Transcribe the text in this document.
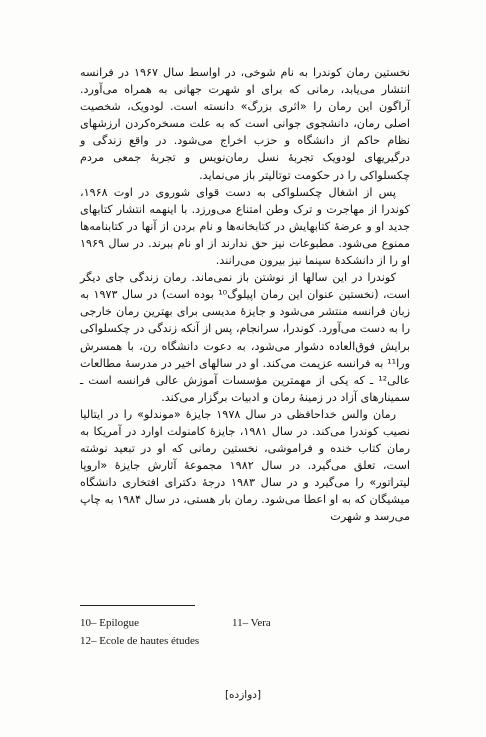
نخستین رمان کوندرا به نام شوخی، در اواسط سال ۱۹۶۷ در فرانسه انتشار می‌یابد، رمانی که برای او شهرت جهانی به همراه می‌آورد. آراگون این رمان را «اثری بزرگ» دانسته است. لودویک، شخصیت اصلی رمان، دانشجوی جوانی است که به علت مسخره‌کردن ارزشهای نظام حاکم از دانشگاه و حزب اخراج می‌شود. در واقع زندگی و درگیریهای لودویک تجربهٔ نسل رمان‌نویس و تجربهٔ جمعی مردم چکسلواکی را در حکومت توتالیتر باز می‌نماید.

پس از اشغال چکسلواکی به دست قوای شوروی در اوت ۱۹۶۸، کوندرا از مهاجرت و ترک وطن امتناع می‌ورزد. با اینهمه انتشار کتابهای جدید او و عرضهٔ کتابهایش در کتابخانه‌ها و نام بردن از آنها در کتابنامه‌ها ممنوع می‌شود. مطبوعات نیز حق ندارند از او نام ببرند. در سال ۱۹۶۹ او را از دانشکدهٔ سینما نیز بیرون می‌رانند.

کوندرا در این سالها از نوشتن باز نمی‌ماند. رمان زندگی جای دیگر است، (نخستین عنوان این رمان اپیلوگ¹⁰ بوده است) در سال ۱۹۷۳ به زبان فرانسه منتشر می‌شود و جایزهٔ مدیسی برای بهترین رمان خارجی را به دست می‌آورد. کوندرا، سرانجام، پس از آنکه زندگی در چکسلواکی برایش فوق‌العاده دشوار می‌شود، به دعوت دانشگاه رن، با همسرش ورا¹¹ به فرانسه عزیمت می‌کند. او در سالهای اخیر در مدرسهٔ مطالعات عالی¹² ـ که یکی از مهمترین مؤسسات آموزش عالی فرانسه است ـ سمینارهای آزاد در زمینهٔ رمان و ادبیات برگزار می‌کند.

رمان والس خداحافظی در سال ۱۹۷۸ جایزهٔ «موندلو» را در ایتالیا نصیب کوندرا می‌کند. در سال ۱۹۸۱، جایزهٔ کامنولت اوارد در آمریکا به رمان کتاب خنده و فراموشی، نخستین رمانی که او در تبعید نوشته است، تعلق می‌گیرد. در سال ۱۹۸۲ مجموعهٔ آثارش جایزهٔ «اروپا لیتراتور» را می‌گیرد و در سال ۱۹۸۳ درجهٔ دکترای افتخاری دانشگاه میشیگان که به او اعطا می‌شود. رمان بار هستی، در سال ۱۹۸۴ به چاپ می‌رسد و شهرت

10– Epilogue	11– Vera
12– Ecole de hautes études
[دوازده]
